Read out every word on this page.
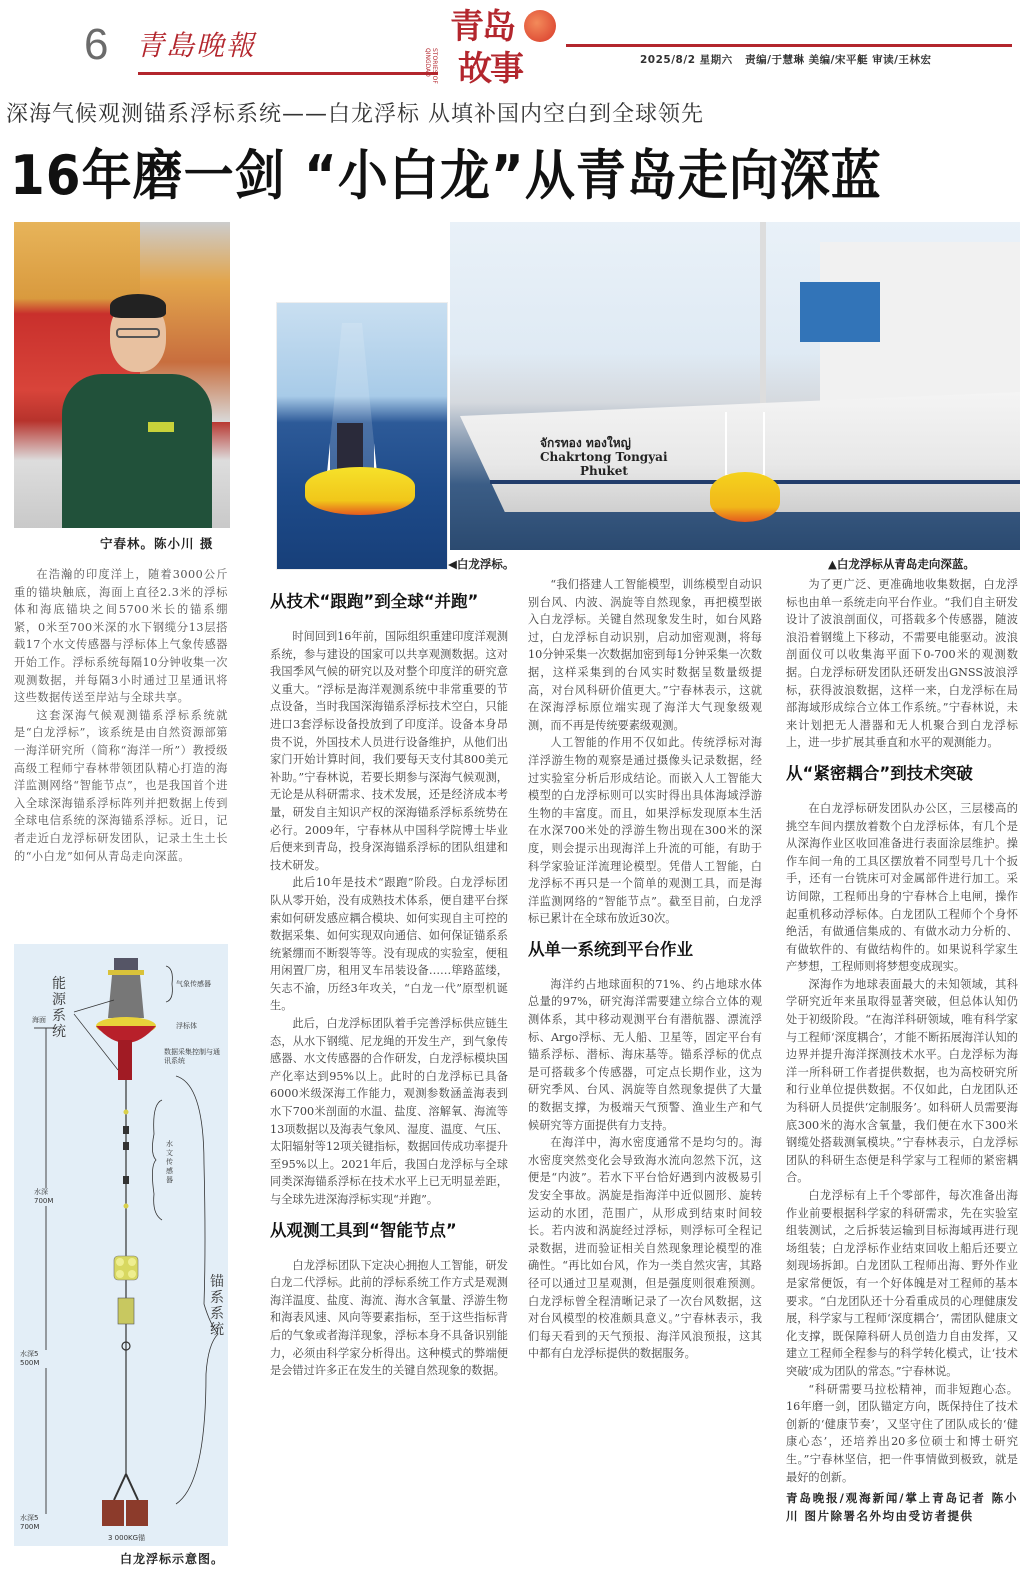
6 青島晚報	青岛
故事
STORIES OF QINGDAO	2025/8/2 星期六 责编/于慧琳 美编/宋平艇 审读/王林宏
深海气候观测锚系浮标系统——白龙浮标 从填补国内空白到全球领先
16年磨一剑 “小白龙”从青岛走向深蓝
宁春林。陈小川 摄
จักรทอง ทองใหญ่
Chakrtong Tongyai
Phuket
◀白龙浮标。	▲白龙浮标从青岛走向深蓝。

在浩瀚的印度洋上，随着3000公斤重的锚块触底，海面上直径2.3米的浮标体和海底锚块之间5700米长的锚系绷紧，0米至700米深的水下钢缆分13层搭载17个水文传感器与浮标体上气象传感器开始工作。浮标系统每隔10分钟收集一次观测数据，并每隔3小时通过卫星通讯将这些数据传送至岸站与全球共享。

这套深海气候观测锚系浮标系统就是“白龙浮标”，该系统是由自然资源部第一海洋研究所（简称“海洋一所”）教授级高级工程师宁春林带领团队精心打造的海洋监测网络“智能节点”，也是我国首个进入全球深海锚系浮标阵列并把数据上传到全球电信系统的深海锚系浮标。近日，记者走近白龙浮标研发团队，记录土生土长的“小白龙”如何从青岛走向深蓝。

从技术“跟跑”到全球“并跑”

时间回到16年前，国际组织重建印度洋观测系统，参与建设的国家可以共享观测数据。这对我国季风气候的研究以及对整个印度洋的研究意义重大。“浮标是海洋观测系统中非常重要的节点设备，当时我国深海锚系浮标技术空白，只能进口3套浮标设备投放到了印度洋。设备本身昂贵不说，外国技术人员进行设备维护，从他们出家门开始计算时间，我们要每天支付其800美元补助。”宁春林说，若要长期参与深海气候观测，无论是从科研需求、技术发展，还是经济成本考量，研发自主知识产权的深海锚系浮标系统势在必行。2009年，宁春林从中国科学院博士毕业后便来到青岛，投身深海锚系浮标的团队组建和技术研发。

此后10年是技术“跟跑”阶段。白龙浮标团队从零开始，没有成熟技术体系，便自建平台探索如何研发感应耦合模块、如何实现自主可控的数据采集、如何实现双向通信、如何保证锚系系统紧绷而不断裂等等。没有现成的实验室，便租用闲置厂房，租用叉车吊装设备……筚路蓝缕，矢志不渝，历经3年攻关，“白龙一代”原型机诞生。

此后，白龙浮标团队着手完善浮标供应链生态，从水下钢缆、尼龙绳的开发生产，到气象传感器、水文传感器的合作研发，白龙浮标模块国产化率达到95%以上。此时的白龙浮标已具备6000米级深海工作能力，观测参数涵盖海表到水下700米剖面的水温、盐度、溶解氧、海流等13项数据以及海表气象风、湿度、温度、气压、太阳辐射等12项关键指标，数据回传成功率提升至95%以上。2021年后，我国白龙浮标与全球同类深海锚系浮标在技术水平上已无明显差距，与全球先进深海浮标实现“并跑”。

从观测工具到“智能节点”

白龙浮标团队下定决心拥抱人工智能，研发白龙二代浮标。此前的浮标系统工作方式是观测海洋温度、盐度、海流、海水含氧量、浮游生物和海表风速、风向等要素指标，至于这些指标背后的气象或者海洋现象，浮标本身不具备识别能力，必须由科学家分析得出。这种模式的弊端便是会错过许多正在发生的关键自然现象的数据。

“我们搭建人工智能模型，训练模型自动识别台风、内波、涡旋等自然现象，再把模型嵌入白龙浮标。关键自然现象发生时，如台风路过，白龙浮标自动识别，启动加密观测，将每10分钟采集一次数据加密到每1分钟采集一次数据，这样采集到的台风实时数据呈数量级提高，对台风科研价值更大。”宁春林表示，这就在深海浮标原位端实现了海洋大气现象级观测，而不再是传统要素级观测。

人工智能的作用不仅如此。传统浮标对海洋浮游生物的观察是通过摄像头记录数据，经过实验室分析后形成结论。而嵌入人工智能大模型的白龙浮标则可以实时得出具体海域浮游生物的丰富度。而且，如果浮标发现原本生活在水深700米处的浮游生物出现在300米的深度，则会提示出现海洋上升流的可能，有助于科学家验证洋流理论模型。凭借人工智能，白龙浮标不再只是一个简单的观测工具，而是海洋监测网络的“智能节点”。截至目前，白龙浮标已累计在全球布放近30次。

从单一系统到平台作业

海洋约占地球面积的71%、约占地球水体总量的97%，研究海洋需要建立综合立体的观测体系，其中移动观测平台有潜航器、漂流浮标、Argo浮标、无人船、卫星等，固定平台有锚系浮标、潜标、海床基等。锚系浮标的优点是可搭载多个传感器，可定点长期作业，这为研究季风、台风、涡旋等自然现象提供了大量的数据支撑，为极端天气预警、渔业生产和气候研究等方面提供有力支持。

在海洋中，海水密度通常不是均匀的。海水密度突然变化会导致海水流向忽然下沉，这便是“内波”。若水下平台恰好遇到内波极易引发安全事故。涡旋是指海洋中近似圆形、旋转运动的水团，范围广，从形成到结束时间较长。若内波和涡旋经过浮标，则浮标可全程记录数据，进而验证相关自然现象理论模型的准确性。“再比如台风，作为一类自然灾害，其路径可以通过卫星观测，但是强度则很难预测。白龙浮标曾全程清晰记录了一次台风数据，这对台风模型的校准颇具意义。”宁春林表示，我们每天看到的天气预报、海洋风浪预报，这其中都有白龙浮标提供的数据服务。

为了更广泛、更准确地收集数据，白龙浮标也由单一系统走向平台作业。“我们自主研发设计了波浪剖面仪，可搭载多个传感器，随波浪沿着钢缆上下移动，不需要电能驱动。波浪剖面仪可以收集海平面下0-700米的观测数据。白龙浮标研发团队还研发出GNSS波浪浮标，获得波浪数据，这样一来，白龙浮标在局部海域形成综合立体工作系统。”宁春林说，未来计划把无人潜器和无人机聚合到白龙浮标上，进一步扩展其垂直和水平的观测能力。

从“紧密耦合”到技术突破

在白龙浮标研发团队办公区，三层楼高的挑空车间内摆放着数个白龙浮标体，有几个是从深海作业区收回准备进行表面涂层维护。操作车间一角的工具区摆放着不同型号几十个扳手，还有一台铣床可对金属部件进行加工。采访间隙，工程师出身的宁春林合上电闸，操作起重机移动浮标体。白龙团队工程师个个身怀绝活，有做通信集成的、有做水动力分析的、有做软件的、有做结构件的。如果说科学家生产梦想，工程师则将梦想变成现实。

深海作为地球表面最大的未知领域，其科学研究近年来虽取得显著突破，但总体认知仍处于初级阶段。“在海洋科研领域，唯有科学家与工程师‘深度耦合’，才能不断拓展海洋认知的边界并提升海洋探测技术水平。白龙浮标为海洋一所科研工作者提供数据，也为高校研究所和行业单位提供数据。不仅如此，白龙团队还为科研人员提供‘定制服务’。如科研人员需要海底300米的海水含氧量，我们便在水下300米钢缆处搭载测氧模块。”宁春林表示，白龙浮标团队的科研生态便是科学家与工程师的紧密耦合。

白龙浮标有上千个零部件，每次准备出海作业前要根据科学家的科研需求，先在实验室组装测试，之后拆装运输到目标海域再进行现场组装；白龙浮标作业结束回收上船后还要立刻现场拆卸。白龙团队工程师出海、野外作业是家常便饭，有一个好体魄是对工程师的基本要求。“白龙团队还十分看重成员的心理健康发展，科学家与工程师‘深度耦合’，需团队健康文化支撑，既保障科研人员创造力自由发挥，又建立工程师全程参与的科学转化模式，让‘技术突破’成为团队的常态。”宁春林说。

“科研需要马拉松精神，而非短跑心态。16年磨一剑，团队锚定方向，既保持住了技术创新的‘健康节奏’，又坚守住了团队成长的‘健康心态’，还培养出20多位硕士和博士研究生。”宁春林坚信，把一件事情做到极致，就是最好的创新。

青岛晚报/观海新闻/掌上青岛记者 陈小川 图片除署名外均由受访者提供

能源系统
气象传感器
浮标体
数据采集控制与通讯系统
水文传感器
锚系系统
海面
水深700M
水深5 500M
水深5 700M
3 000KG锚
白龙浮标示意图。
